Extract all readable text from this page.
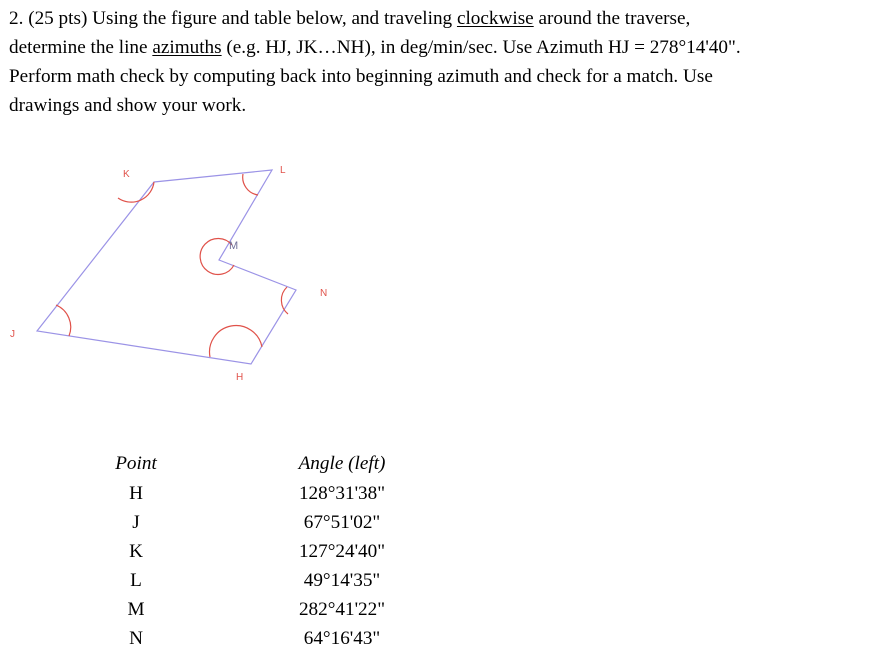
2. (25 pts) Using the figure and table below, and traveling clockwise around the traverse,
determine the line azimuths (e.g. HJ, JK…NH), in deg/min/sec. Use Azimuth HJ = 278°14'40".
Perform math check by computing back into beginning azimuth and check for a match. Use
drawings and show your work.

K	L
M
N
J
H
Point	Angle (left)
H	128°31'38"
J	67°51'02"
K	127°24'40"
L	49°14'35"
M	282°41'22"
N	64°16'43"
